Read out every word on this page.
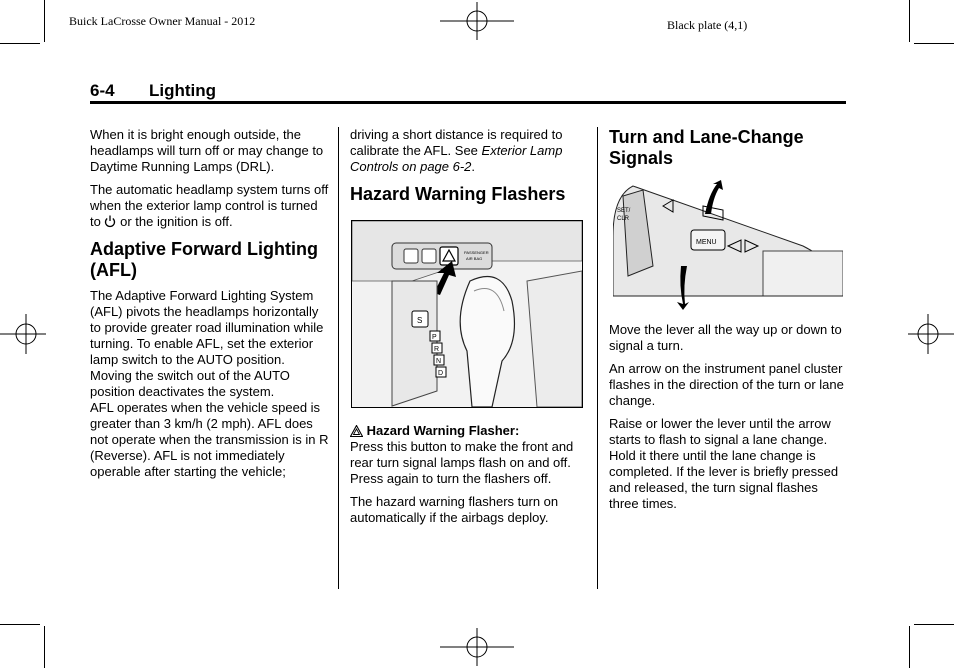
Buick LaCrosse Owner Manual - 2012	Black plate (4,1)
6-4 Lighting

When it is bright enough outside, the headlamps will turn off or may change to Daytime Running Lamps (DRL).

The automatic headlamp system turns off when the exterior lamp control is turned to or the ignition is off.

Adaptive Forward Lighting (AFL)

The Adaptive Forward Lighting System (AFL) pivots the headlamps horizontally to provide greater road illumination while turning. To enable AFL, set the exterior lamp switch to the AUTO position. Moving the switch out of the AUTO position deactivates the system.

AFL operates when the vehicle speed is greater than 3 km/h (2 mph). AFL does not operate when the transmission is in R (Reverse). AFL is not immediately operable after starting the vehicle;

driving a short distance is required to calibrate the AFL. See Exterior Lamp Controls on page 6‑2.

Hazard Warning Flashers
PASSENGER
AIR BAG
S
P
R
N
D

Hazard Warning Flasher:
Press this button to make the front and rear turn signal lamps flash on and off. Press again to turn the flashers off.

The hazard warning flashers turn on automatically if the airbags deploy.

Turn and Lane-Change Signals
SET/
CLR
MENU

Move the lever all the way up or down to signal a turn.

An arrow on the instrument panel cluster flashes in the direction of the turn or lane change.

Raise or lower the lever until the arrow starts to flash to signal a lane change. Hold it there until the lane change is completed. If the lever is briefly pressed and released, the turn signal flashes three times.
